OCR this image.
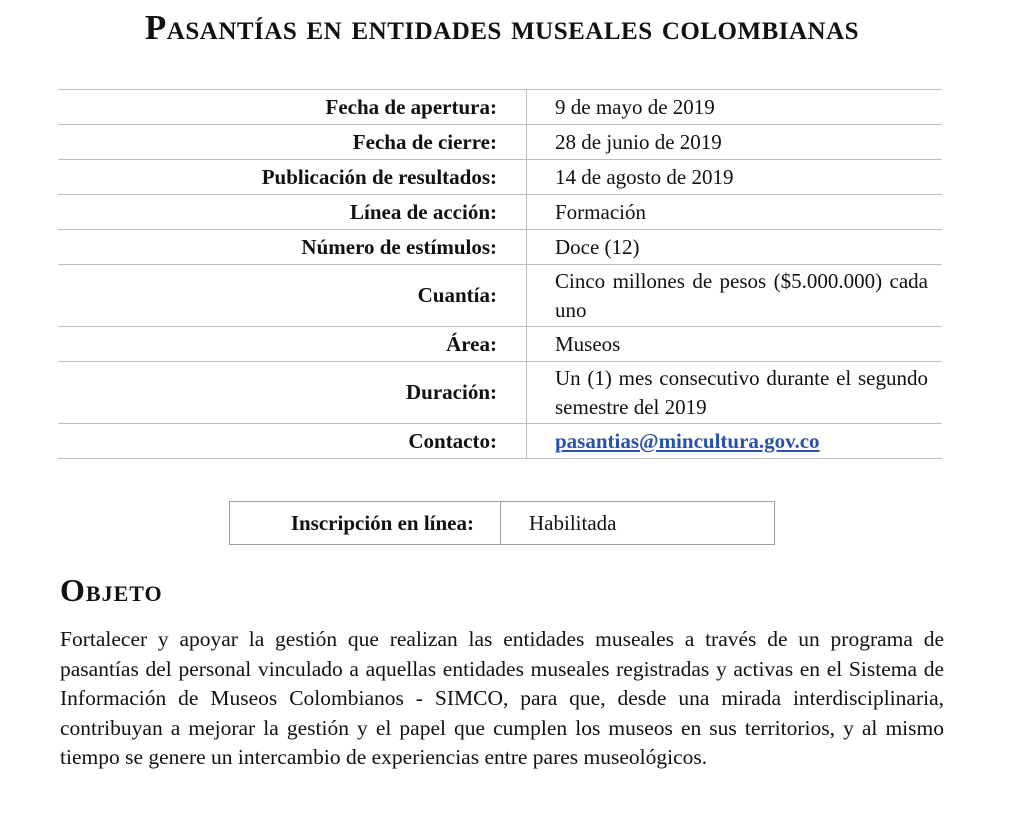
Pasantías en entidades museales colombianas
Fecha de apertura:	9 de mayo de 2019
Fecha de cierre:	28 de junio de 2019
Publicación de resultados:	14 de agosto de 2019
Línea de acción:	Formación
Número de estímulos:	Doce (12)
Cuantía:	Cinco millones de pesos ($5.000.000) cada uno
Área:	Museos
Duración:	Un (1) mes consecutivo durante el segundo semestre del 2019
Contacto:	pasantias@mincultura.gov.co
Inscripción en línea:	Habilitada
Objeto

Fortalecer y apoyar la gestión que realizan las entidades museales a través de un programa de pasantías del personal vinculado a aquellas entidades museales registradas y activas en el Sistema de Información de Museos Colombianos - SIMCO, para que, desde una mirada interdisciplinaria, contribuyan a mejorar la gestión y el papel que cumplen los museos en sus territorios, y al mismo tiempo se genere un intercambio de experiencias entre pares museológicos.
